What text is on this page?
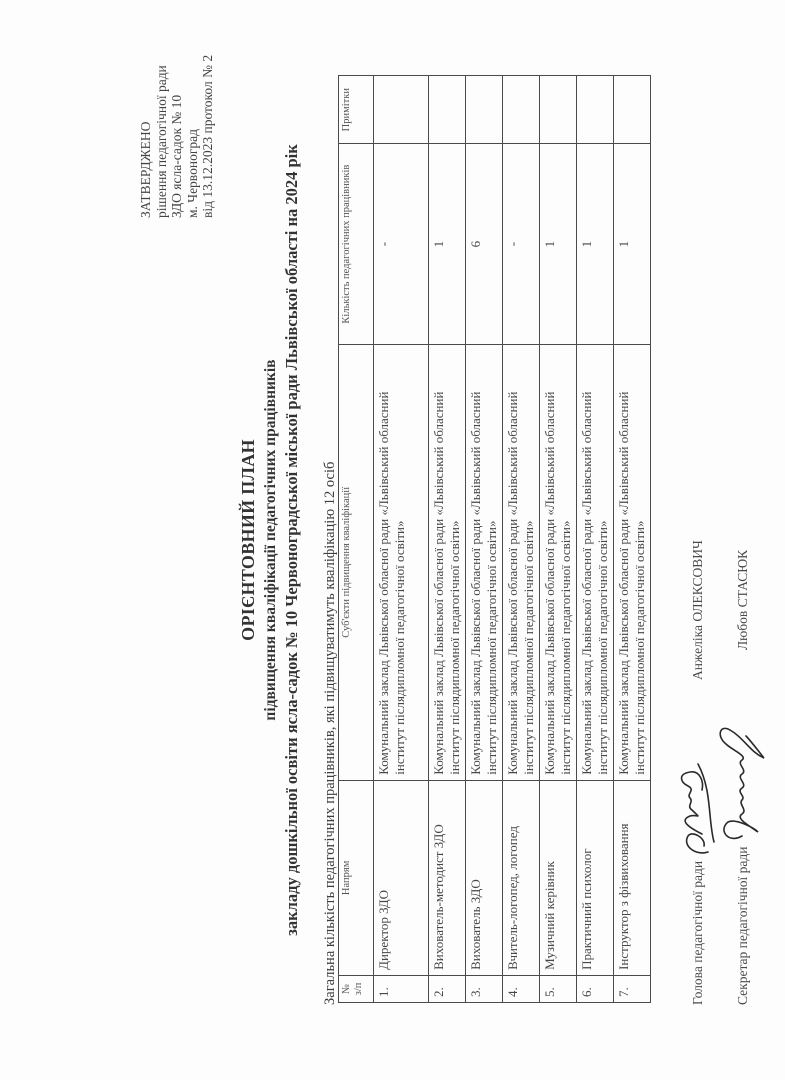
ЗАТВЕРДЖЕНО рішення педагогічної ради ЗДО ясла-садок № 10 м. Червоноград від 13.12.2023 протокол № 2
ОРІЄНТОВНИЙ ПЛАН підвищення кваліфікації педагогічних працівників закладу дошкільної освіти ясла-садок № 10 Червоноградської міської ради Львівської області на 2024 рік Загальна кількість педагогічних працівників, які підвищуватимуть кваліфікацію 12 осіб № з/п	Напрям	Суб'єкти підвищення кваліфікації	Кількість педагогічних працівників	Примітки
1.	Директор ЗДО	Комунальний заклад Львівської обласної ради «Львівський обласний інститут післядипломної педагогічної освіти»	-	
2.	Вихователь-методист ЗДО	Комунальний заклад Львівської обласної ради «Львівський обласний інститут післядипломної педагогічної освіти»	1	
3.	Вихователь ЗДО	Комунальний заклад Львівської обласної ради «Львівський обласний інститут післядипломної педагогічної освіти»	6	
4.	Вчитель-логопед, логопед	Комунальний заклад Львівської обласної ради «Львівський обласний інститут післядипломної педагогічної освіти»	-	
5.	Музичний керівник	Комунальний заклад Львівської обласної ради «Львівський обласний інститут післядипломної педагогічної освіти»	1	
6.	Практичний психолог	Комунальний заклад Львівської обласної ради «Львівський обласний інститут післядипломної педагогічної освіти»	1	
7.	Інструктор з фізвиховання	Комунальний заклад Львівської обласної ради «Львівський обласний інститут післядипломної педагогічної освіти»	1	
Голова педагогічної ради
Анжеліка ОЛЕКСОВИЧ
Секретар педагогічної ради
Любов СТАСЮК
